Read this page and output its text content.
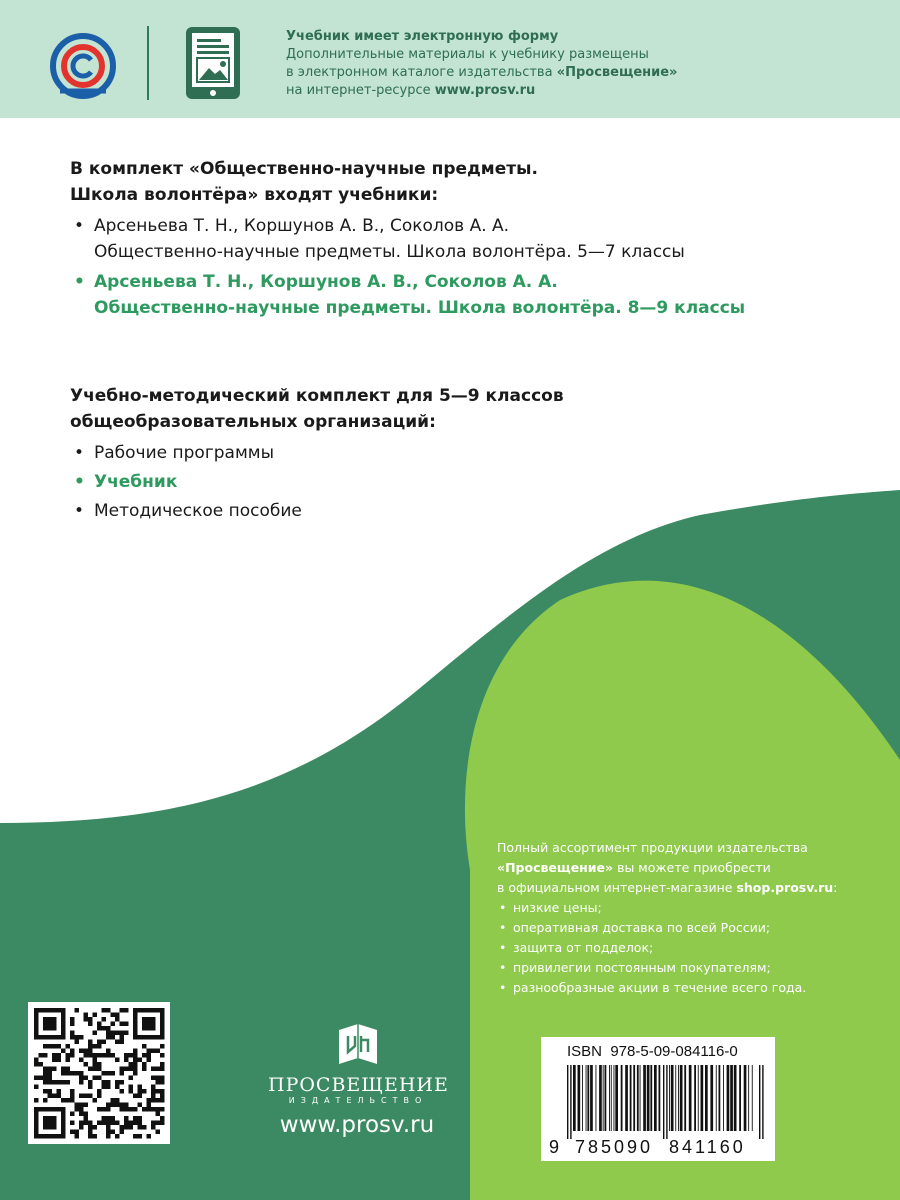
Учебник имеет электронную форму
Дополнительные материалы к учебнику размещены
в электронном каталоге издательства «Просвещение»
на интернет-ресурсе www.prosv.ru
В комплект «Общественно-научные предметы.
Школа волонтёра» входят учебники:
• Арсеньева Т. Н., Коршунов А. В., Соколов А. А.
Общественно-научные предметы. Школа волонтёра. 5—7 классы
• Арсеньева Т. Н., Коршунов А. В., Соколов А. А.
Общественно-научные предметы. Школа волонтёра. 8—9 классы
Учебно-методический комплект для 5—9 классов
общеобразовательных организаций:
• Рабочие программы
• Учебник
• Методическое пособие
Полный ассортимент продукции издательства
«Просвещение» вы можете приобрести
в официальном интернет-магазине shop.prosv.ru:
• низкие цены;
• оперативная доставка по всей России;
• защита от подделок;
• привилегии постоянным покупателям;
• разнообразные акции в течение всего года.
ПРОСВЕЩЕНИЕ
ИЗДАТЕЛЬСТВО
www.prosv.ru
ISBN  978-5-09-084116-0
9 785090 841160
